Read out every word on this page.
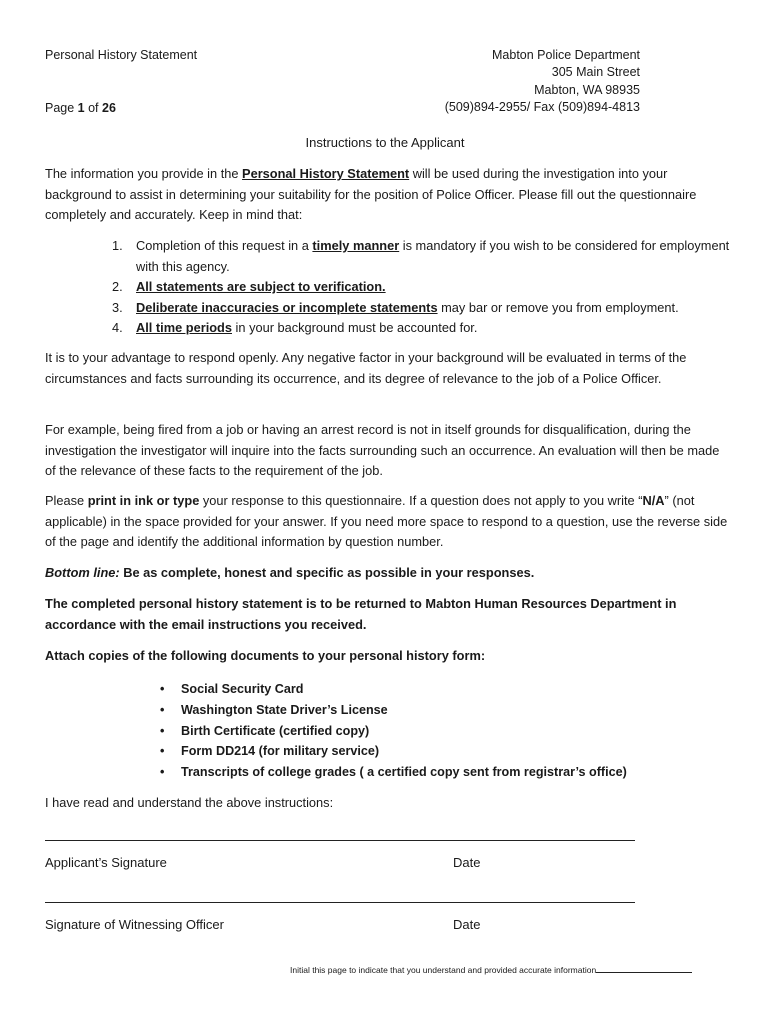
Personal History Statement
Page 1 of 26
Mabton Police Department
305 Main Street
Mabton, WA 98935
(509)894-2955/ Fax (509)894-4813
Instructions to the Applicant
The information you provide in the Personal History Statement will be used during the investigation into your background to assist in determining your suitability for the position of Police Officer. Please fill out the questionnaire completely and accurately. Keep in mind that:
1. Completion of this request in a timely manner is mandatory if you wish to be considered for employment with this agency.
2. All statements are subject to verification.
3. Deliberate inaccuracies or incomplete statements may bar or remove you from employment.
4. All time periods in your background must be accounted for.
It is to your advantage to respond openly. Any negative factor in your background will be evaluated in terms of the circumstances and facts surrounding its occurrence, and its degree of relevance to the job of a Police Officer.
For example, being fired from a job or having an arrest record is not in itself grounds for disqualification, during the investigation the investigator will inquire into the facts surrounding such an occurrence. An evaluation will then be made of the relevance of these facts to the requirement of the job.
Please print in ink or type your response to this questionnaire. If a question does not apply to you write “N/A” (not applicable) in the space provided for your answer. If you need more space to respond to a question, use the reverse side of the page and identify the additional information by question number.
Bottom line: Be as complete, honest and specific as possible in your responses.
The completed personal history statement is to be returned to Mabton Human Resources Department in accordance with the email instructions you received.
Attach copies of the following documents to your personal history form:
• Social Security Card
• Washington State Driver’s License
• Birth Certificate (certified copy)
• Form DD214 (for military service)
• Transcripts of college grades ( a certified copy sent from registrar’s office)
I have read and understand the above instructions:
Applicant’s Signature	Date
Signature of Witnessing Officer	Date
Initial this page to indicate that you understand and provided accurate information
